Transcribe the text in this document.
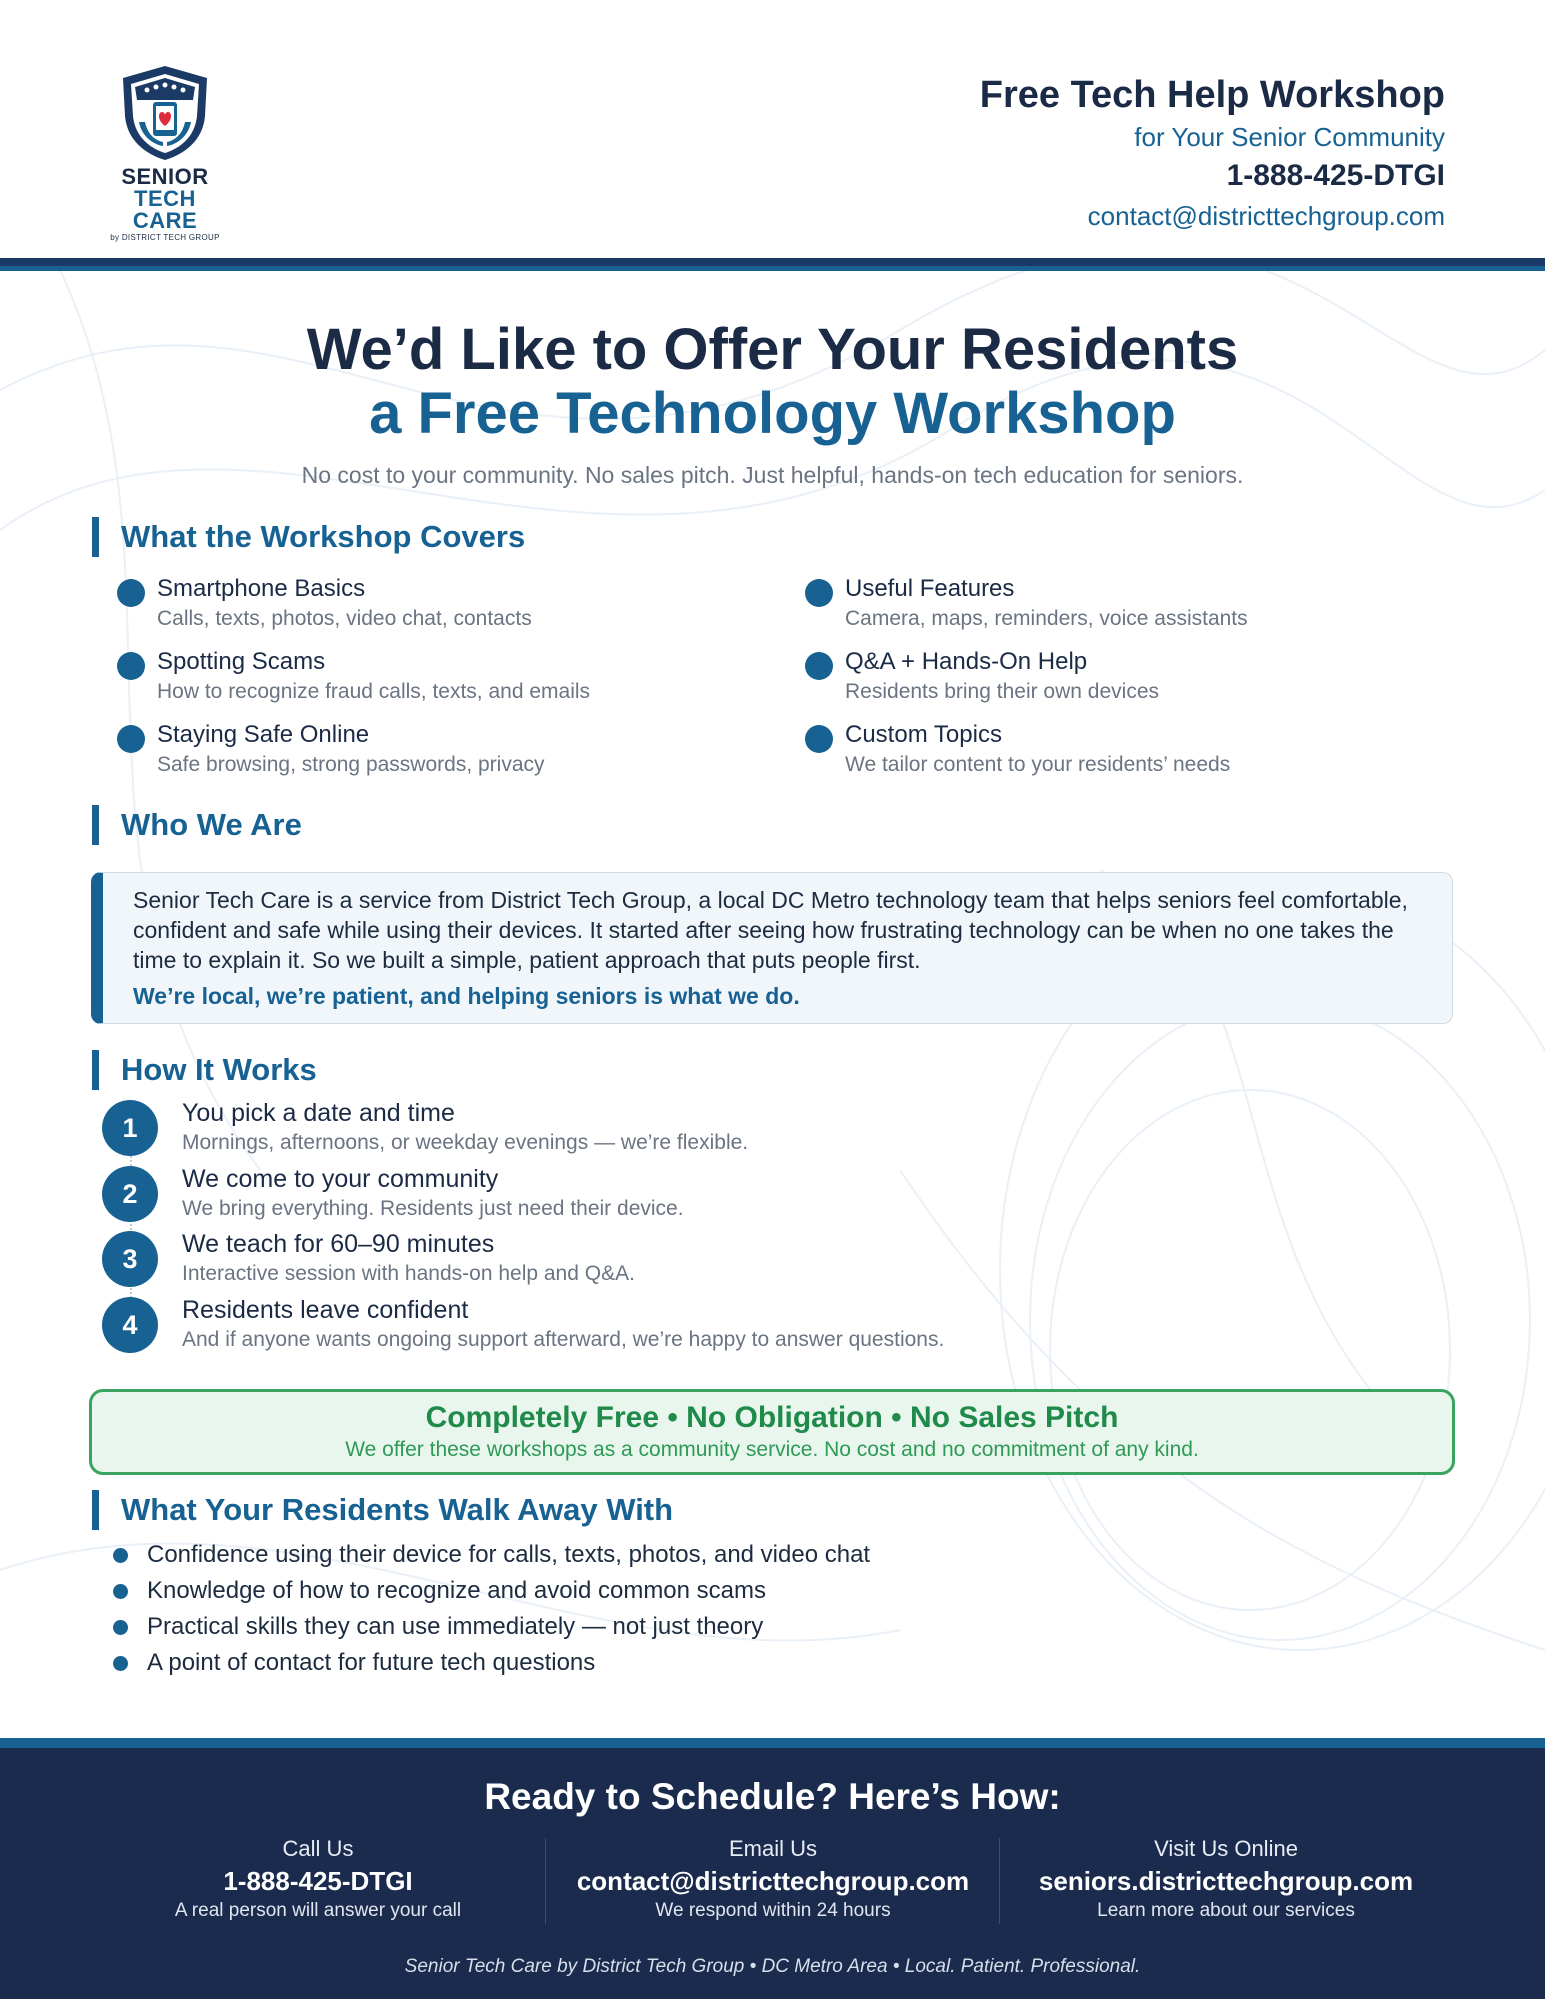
SENIOR
TECH CARE
by DISTRICT TECH GROUP
Free Tech Help Workshop
for Your Senior Community
1-888-425-DTGI
contact@districttechgroup.com
We’d Like to Offer Your Residents
a Free Technology Workshop
No cost to your community. No sales pitch. Just helpful, hands-on tech education for seniors.
What the Workshop Covers
Smartphone Basics
Calls, texts, photos, video chat, contacts
Spotting Scams
How to recognize fraud calls, texts, and emails
Staying Safe Online
Safe browsing, strong passwords, privacy
Useful Features
Camera, maps, reminders, voice assistants
Q&A + Hands-On Help
Residents bring their own devices
Custom Topics
We tailor content to your residents’ needs
Who We Are
Senior Tech Care is a service from District Tech Group, a local DC Metro technology team that helps seniors feel comfortable, confident and safe while using their devices. It started after seeing how frustrating technology can be when no one takes the time to explain it. So we built a simple, patient approach that puts people first.
We’re local, we’re patient, and helping seniors is what we do.
How It Works
1	You pick a date and time
Mornings, afternoons, or weekday evenings — we’re flexible.
2	We come to your community
We bring everything. Residents just need their device.
3	We teach for 60–90 minutes
Interactive session with hands-on help and Q&A.
4	Residents leave confident
And if anyone wants ongoing support afterward, we’re happy to answer questions.
Completely Free • No Obligation • No Sales Pitch
We offer these workshops as a community service. No cost and no commitment of any kind.
What Your Residents Walk Away With
Confidence using their device for calls, texts, photos, and video chat
Knowledge of how to recognize and avoid common scams
Practical skills they can use immediately — not just theory
A point of contact for future tech questions
Ready to Schedule? Here’s How:
Call Us
1-888-425-DTGI
A real person will answer your call
Email Us
contact@districttechgroup.com
We respond within 24 hours
Visit Us Online
seniors.districttechgroup.com
Learn more about our services
Senior Tech Care by District Tech Group • DC Metro Area • Local. Patient. Professional.
